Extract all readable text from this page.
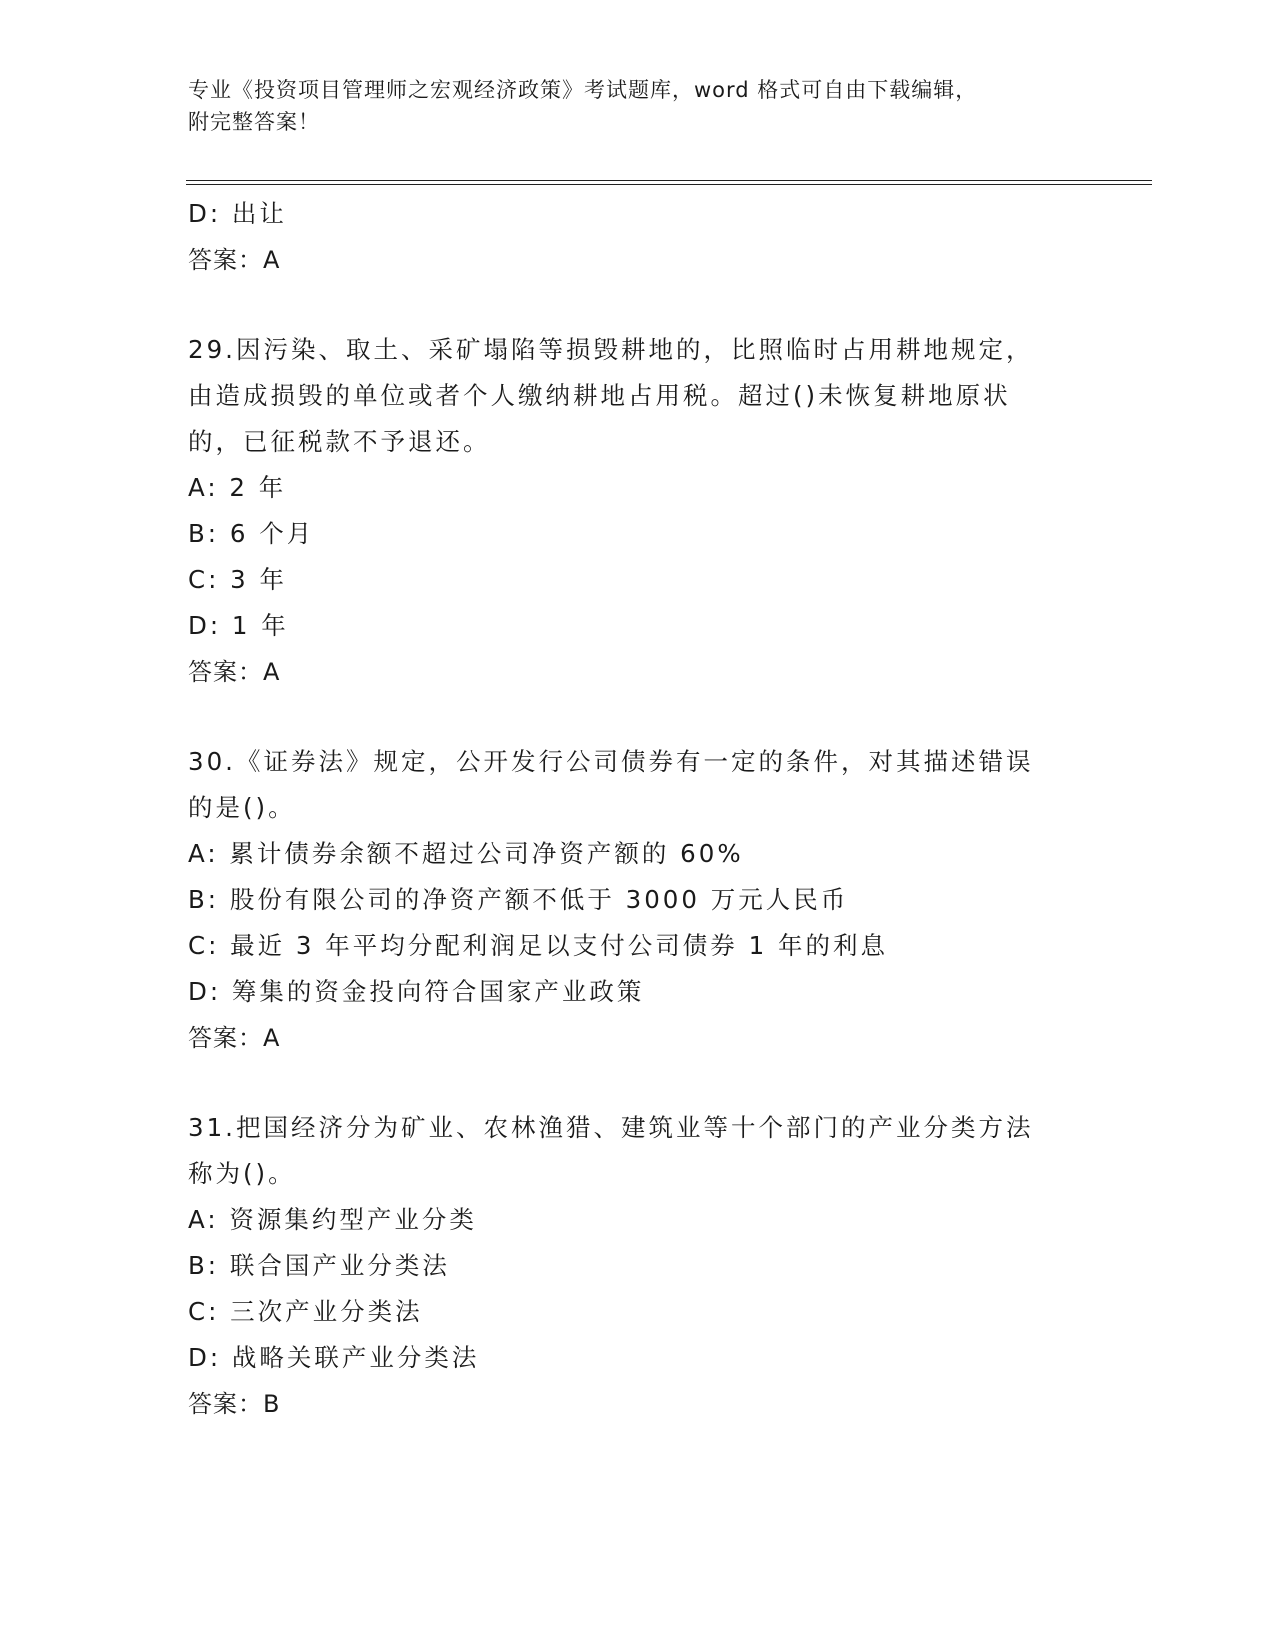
专业《投资项目管理师之宏观经济政策》考试题库，word 格式可自由下载编辑，
附完整答案！
D: 出让
答案：A
29.因污染、取土、采矿塌陷等损毁耕地的，比照临时占用耕地规定，
由造成损毁的单位或者个人缴纳耕地占用税。超过()未恢复耕地原状
的，已征税款不予退还。
A: 2 年
B: 6 个月
C: 3 年
D: 1 年
答案：A
30.《证券法》规定，公开发行公司债券有一定的条件，对其描述错误
的是()。
A: 累计债券余额不超过公司净资产额的 60%
B: 股份有限公司的净资产额不低于 3000 万元人民币
C: 最近 3 年平均分配利润足以支付公司债券 1 年的利息
D: 筹集的资金投向符合国家产业政策
答案：A
31.把国经济分为矿业、农林渔猎、建筑业等十个部门的产业分类方法
称为()。
A: 资源集约型产业分类
B: 联合国产业分类法
C: 三次产业分类法
D: 战略关联产业分类法
答案：B
